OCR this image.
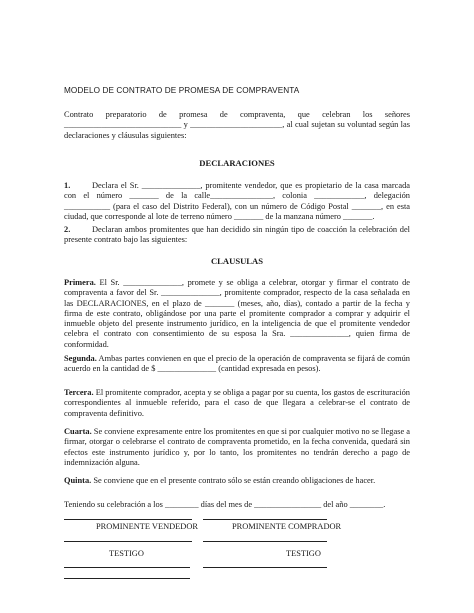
MODELO DE CONTRATO DE PROMESA DE COMPRAVENTA

Contrato preparatorio de promesa de compraventa, que celebran los señores ____________________________ y ______________________, al cual sujetan su voluntad según las declaraciones y cláusulas siguientes:

DECLARACIONES

1.	Declara el Sr. ______________, promitente vendedor, que es propietario de la casa marcada con el número _______ de la calle_______________, colonia ____________, delegación ___________ (para el caso del Distrito Federal), con un número de Código Postal _______, en esta ciudad, que corresponde al lote de terreno número _______ de la manzana número _______.
2.	Declaran ambos promitentes que han decidido sin ningún tipo de coacción la celebración del presente contrato bajo las siguientes:

CLAUSULAS

Primera. El Sr. ______________, promete y se obliga a celebrar, otorgar y firmar el contrato de compraventa a favor del Sr. ______________, promitente comprador, respecto de la casa señalada en las DECLARACIONES, en el plazo de _______ (meses, año, días), contado a partir de la fecha y firma de este contrato, obligándose por una parte el promitente comprador a comprar y adquirir el inmueble objeto del presente instrumento jurídico, en la inteligencia de que el promitente vendedor celebra el contrato con consentimiento de su esposa la Sra. ______________, quien firma de conformidad.
Segunda. Ambas partes convienen en que el precio de la operación de compraventa se fijará de común acuerdo en la cantidad de $ ______________ (cantidad expresada en pesos).
Tercera. El promitente comprador, acepta y se obliga a pagar por su cuenta, los gastos de escrituración correspondientes al inmueble referido, para el caso de que llegara a celebrar-se el contrato de compraventa definitivo.
Cuarta. Se conviene expresamente entre los promitentes en que si por cualquier motivo no se llegase a firmar, otorgar o celebrarse el contrato de compraventa prometido, en la fecha convenida, quedará sin efectos este instrumento jurídico y, por lo tanto, los promitentes no tendrán derecho a pago de indemnización alguna.
Quinta. Se conviene que en el presente contrato sólo se están creando obligaciones de hacer.

Teniendo su celebración a los ________ días del mes de ________________ del año ________.

PROMINENTE VENDEDOR	PROMINENTE COMPRADOR
TESTIGO	TESTIGO
